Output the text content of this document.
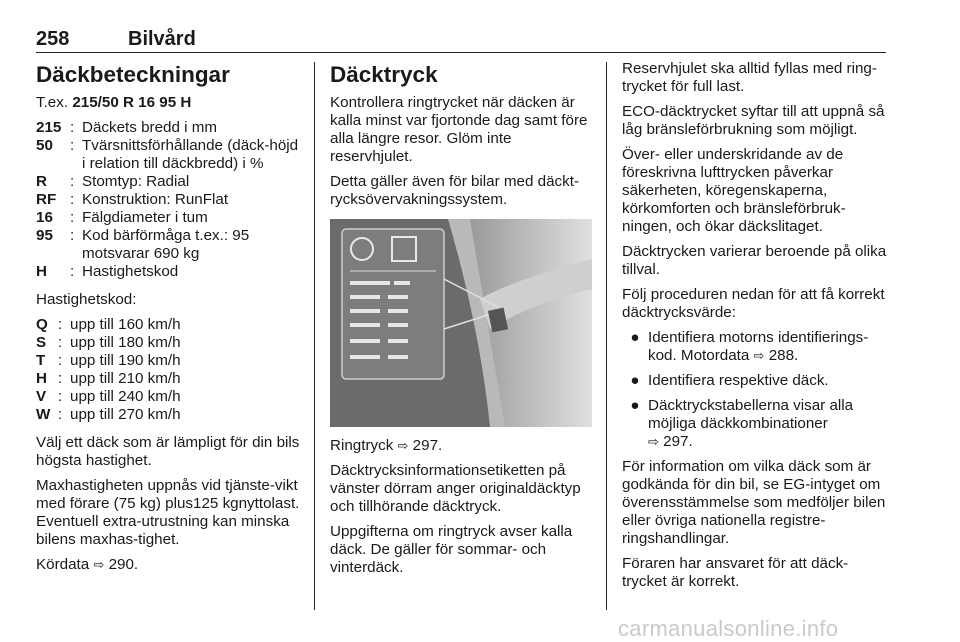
258	Bilvård
Däckbeteckningar

T.ex. 215/50 R 16 95 H

215 : Däckets bredd i mm
50	: Tvärsnittsförhållande (däck-höjd i relation till däckbredd) i %
R	: Stomtyp: Radial
RF : Konstruktion: RunFlat
16	: Fälgdiameter i tum
95	: Kod bärförmåga t.ex.: 95 motsvarar 690 kg
H	: Hastighetskod

Hastighetskod:

Q : upp till 160 km/h
S : upp till 180 km/h
T : upp till 190 km/h
H : upp till 210 km/h
V : upp till 240 km/h
W : upp till 270 km/h

Välj ett däck som är lämpligt för din bils högsta hastighet.

Maxhastigheten uppnås vid tjänste-vikt med förare (75 kg) plus125 kgnyttolast. Eventuell extra-utrustning kan minska bilens maxhas-tighet.

Kördata ⇨ 290.

Däcktryck

Kontrollera ringtrycket när däcken är kalla minst var fjortonde dag samt före alla längre resor. Glöm inte reservhjulet.

Detta gäller även för bilar med däckt-rycksövervakningssystem.

Ringtryck ⇨ 297.

Däcktrycksinformationsetiketten på vänster dörram anger originaldäcktyp och tillhörande däcktryck.

Uppgifterna om ringtryck avser kalla däck. De gäller för sommar- och vinterdäck.

Reservhjulet ska alltid fyllas med ring-trycket för full last.

ECO-däcktrycket syftar till att uppnå så låg bränsleförbrukning som möjligt.

Över- eller underskridande av de föreskrivna lufttrycken påverkar säkerheten, köregenskaperna, körkomforten och bränsleförbruk-ningen, och ökar däckslitaget.

Däcktrycken varierar beroende på olika tillval.

Följ proceduren nedan för att få korrekt däcktrycksvärde:

● Identifiera motorns identifierings-kod. Motordata ⇨ 288.
● Identifiera respektive däck.
● Däcktryckstabellerna visar alla möjliga däckkombinationer
⇨ 297.

För information om vilka däck som är godkända för din bil, se EG-intyget om överensstämmelse som medföljer bilen eller övriga nationella registre-ringshandlingar.

Föraren har ansvaret för att däck-trycket är korrekt.

carmanualsonline.info
